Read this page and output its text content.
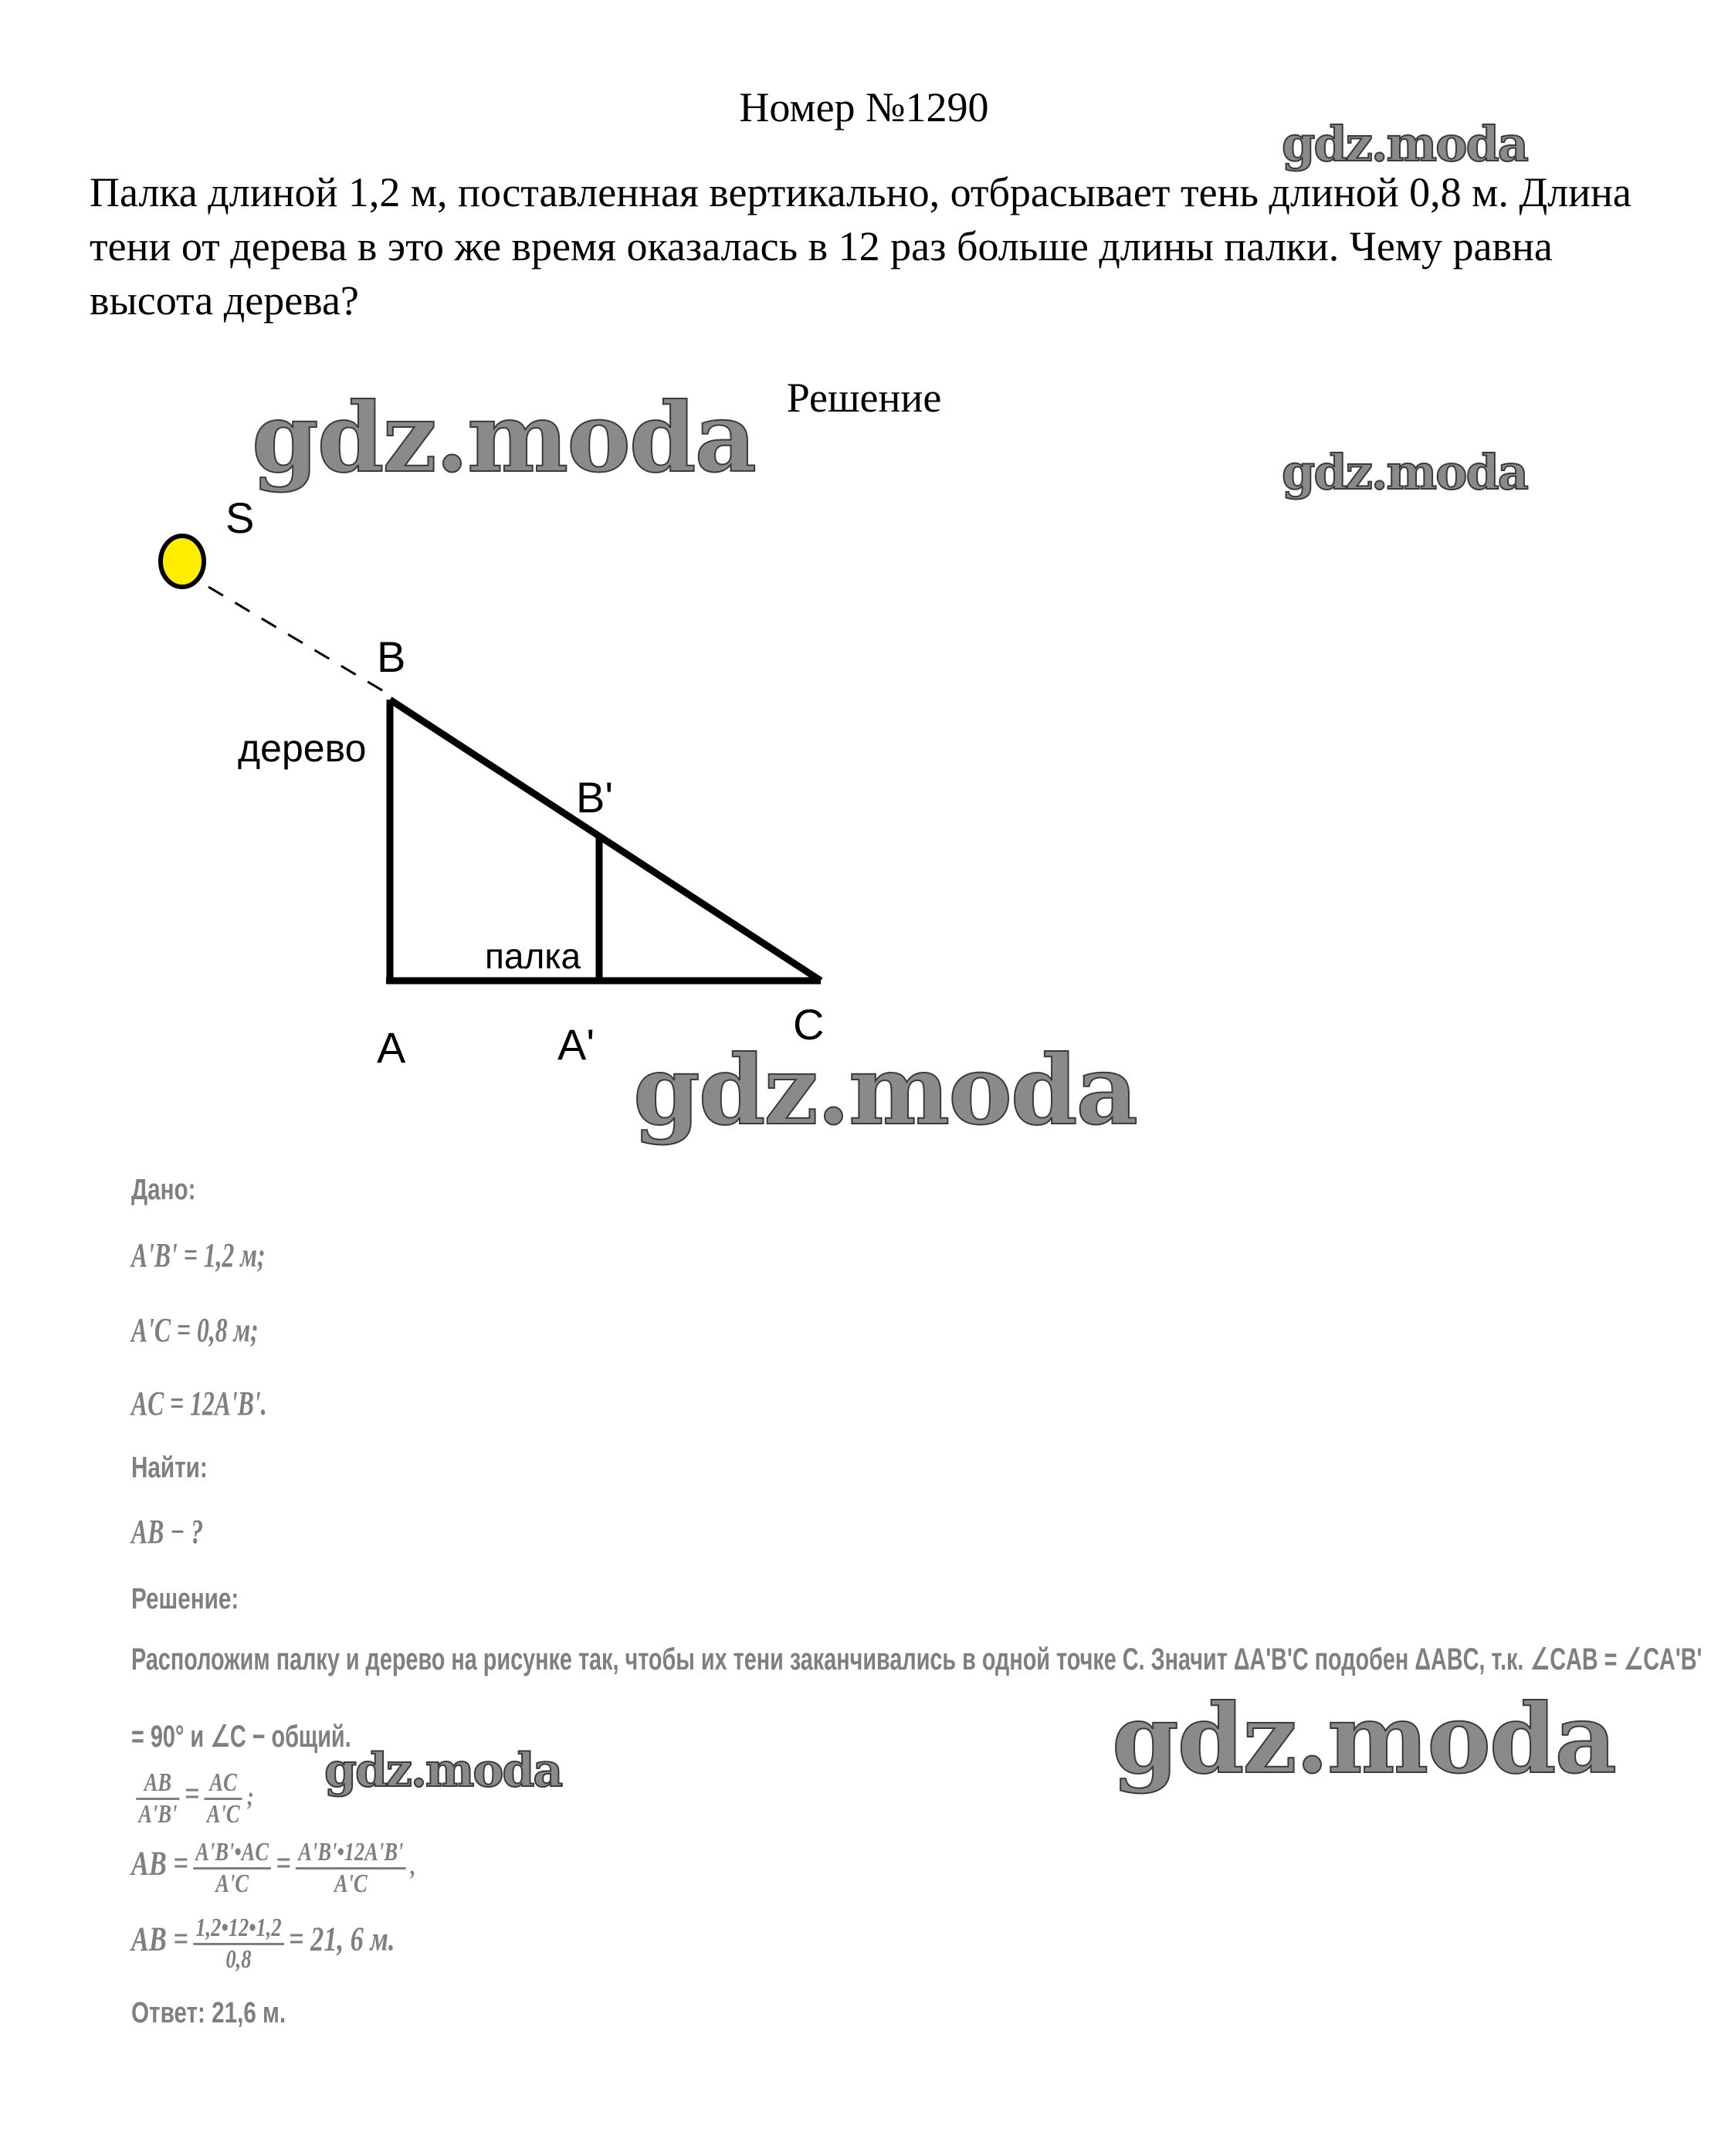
Номер №1290
Палка длиной 1,2 м, поставленная вертикально, отбрасывает тень длиной 0,8 м. Длина тени от дерева в это же время оказалась в 12 раз больше длины палки. Чему равна высота дерева?
Решение
gdz.moda
gdz.moda	gdz.moda
gdz.moda
gdz.moda
gdz.moda
S
B
B'
A	A'	C
дерево
палка
Дано:
A'B' = 1,2 м;
A'C = 0,8 м;
AC = 12A'B'.
Найти:
AB − ?
Решение:
Расположим палку и дерево на рисунке так, чтобы их тени заканчивались в одной точке С. Значит ΔA'B'C подобен ΔABC, т.к. ∠CAB = ∠CA'B'
= 90° и ∠C − общий.
$\frac{AB}{A'B'} = \frac{AC}{A'C}$ ;
AB = $\frac{A'B'•AC}{A'C} = \frac{A'B'•12A'B'}{A'C}$ ,
AB = $\frac{1,2•12•1,2}{0,8} = 21$, 6 м.
Ответ: 21,6 м.
